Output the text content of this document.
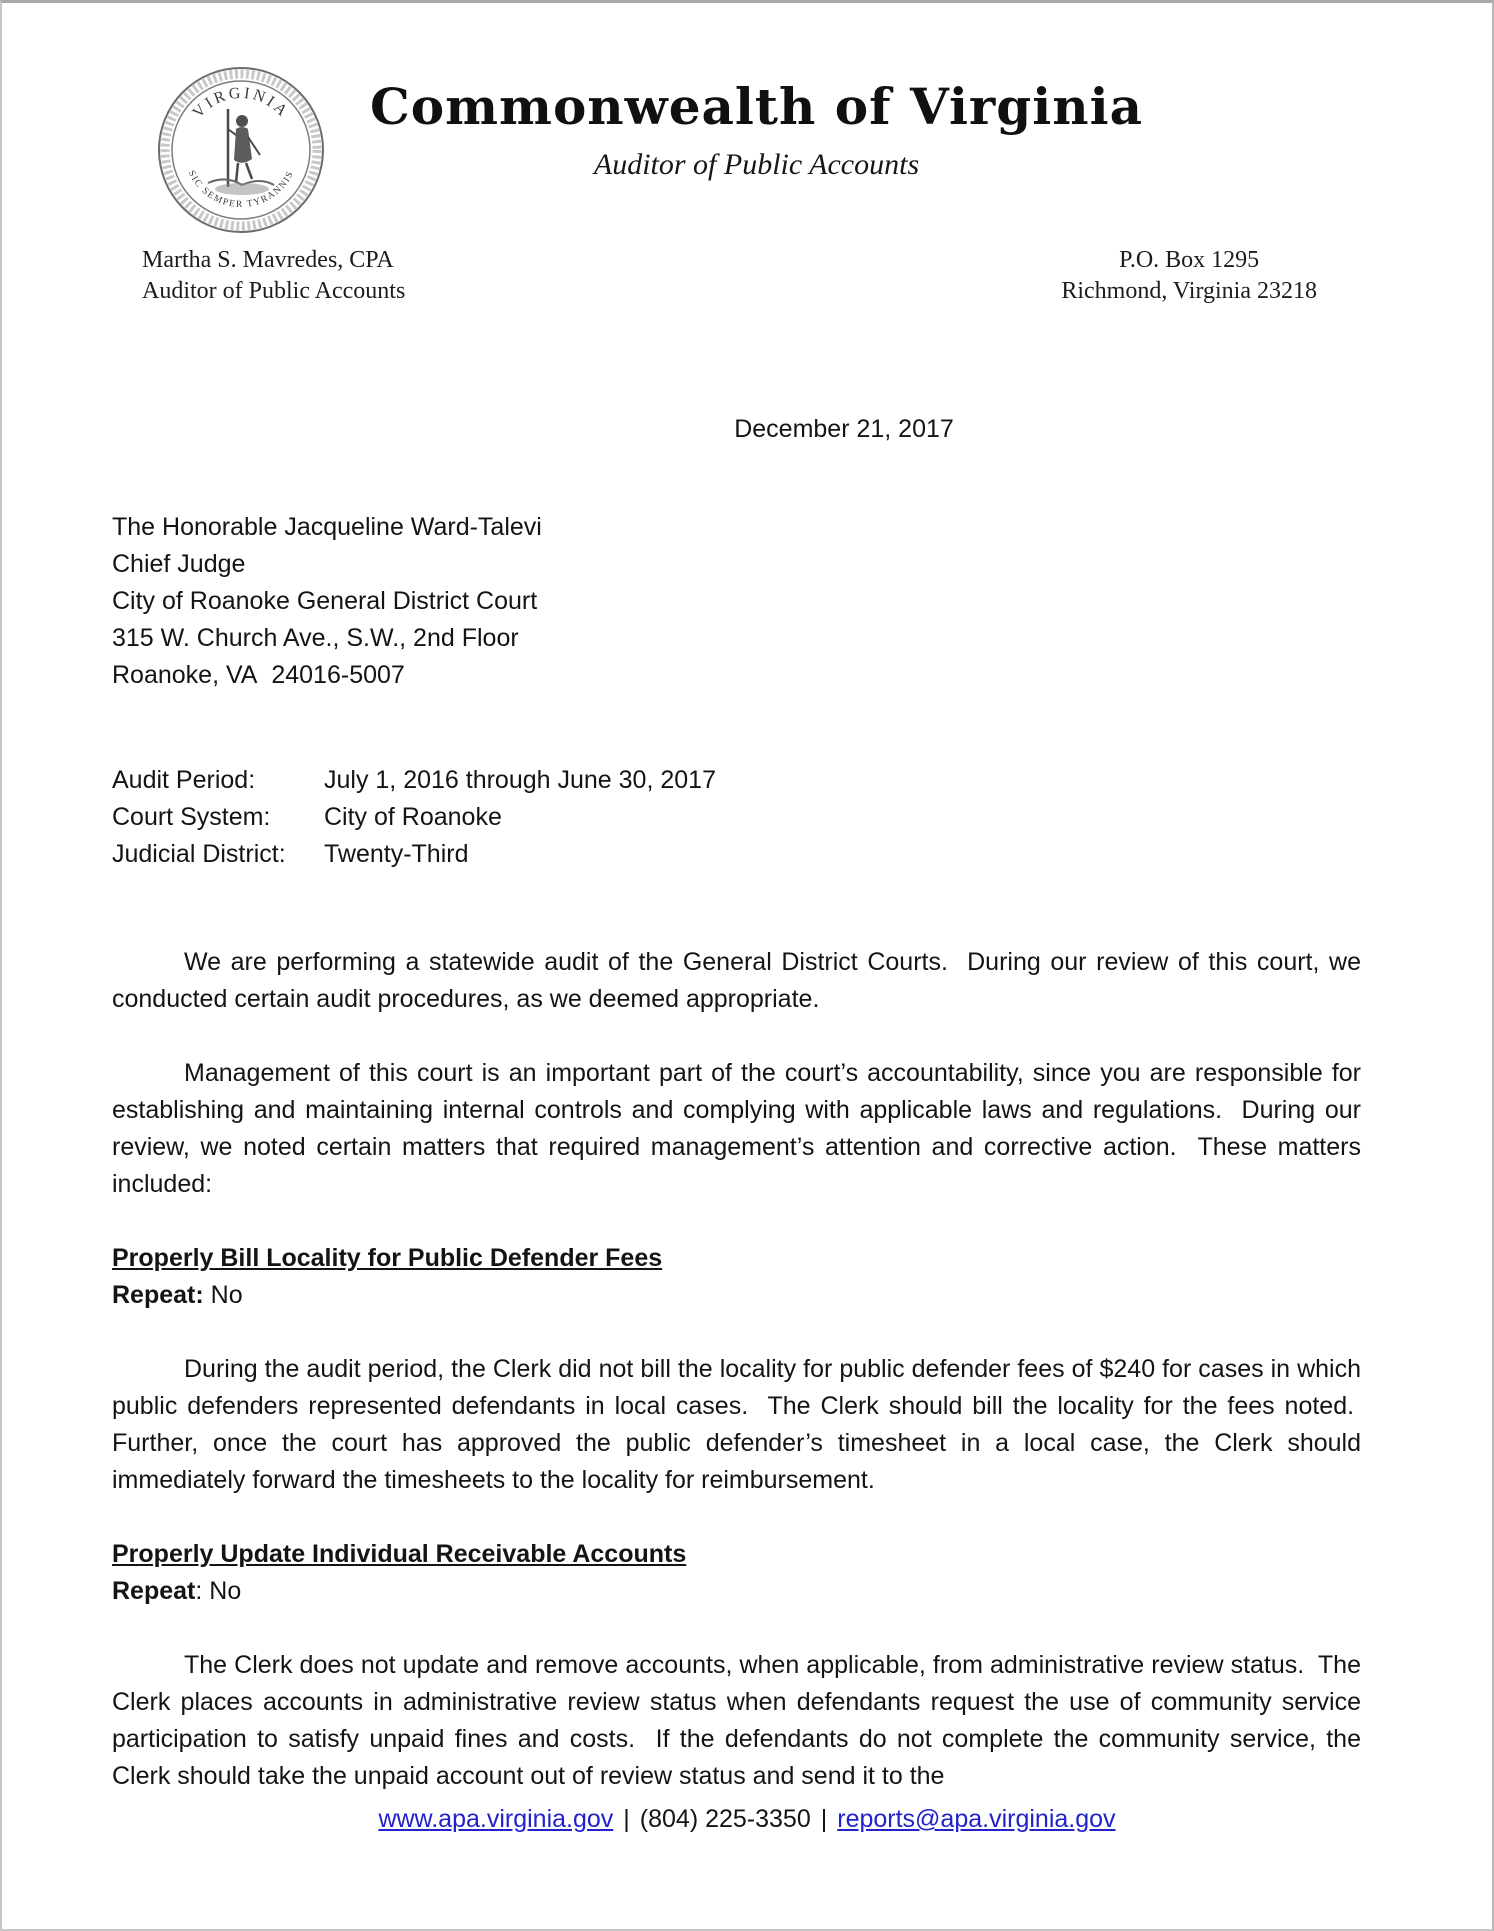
VIRGINIA
SIC SEMPER TYRANNIS
Commonwealth of Virginia
Auditor of Public Accounts
Martha S. Mavredes, CPA
Auditor of Public Accounts
P.O. Box 1295
Richmond, Virginia 23218
December 21, 2017
The Honorable Jacqueline Ward-Talevi
Chief Judge
City of Roanoke General District Court
315 W. Church Ave., S.W., 2nd Floor
Roanoke, VA  24016-5007
Audit Period:	July 1, 2016 through June 30, 2017
Court System:	City of Roanoke
Judicial District:	Twenty-Third

We are performing a statewide audit of the General District Courts.  During our review of this court, we conducted certain audit procedures, as we deemed appropriate.

Management of this court is an important part of the court’s accountability, since you are responsible for establishing and maintaining internal controls and complying with applicable laws and regulations.  During our review, we noted certain matters that required management’s attention and corrective action.  These matters included:

Properly Bill Locality for Public Defender Fees
Repeat: No

During the audit period, the Clerk did not bill the locality for public defender fees of $240 for cases in which public defenders represented defendants in local cases.  The Clerk should bill the locality for the fees noted.  Further, once the court has approved the public defender’s timesheet in a local case, the Clerk should immediately forward the timesheets to the locality for reimbursement.

Properly Update Individual Receivable Accounts
Repeat: No

The Clerk does not update and remove accounts, when applicable, from administrative review status.  The Clerk places accounts in administrative review status when defendants request the use of community service participation to satisfy unpaid fines and costs.  If the defendants do not complete the community service, the Clerk should take the unpaid account out of review status and send it to the

www.apa.virginia.gov | (804) 225-3350 | reports@apa.virginia.gov
